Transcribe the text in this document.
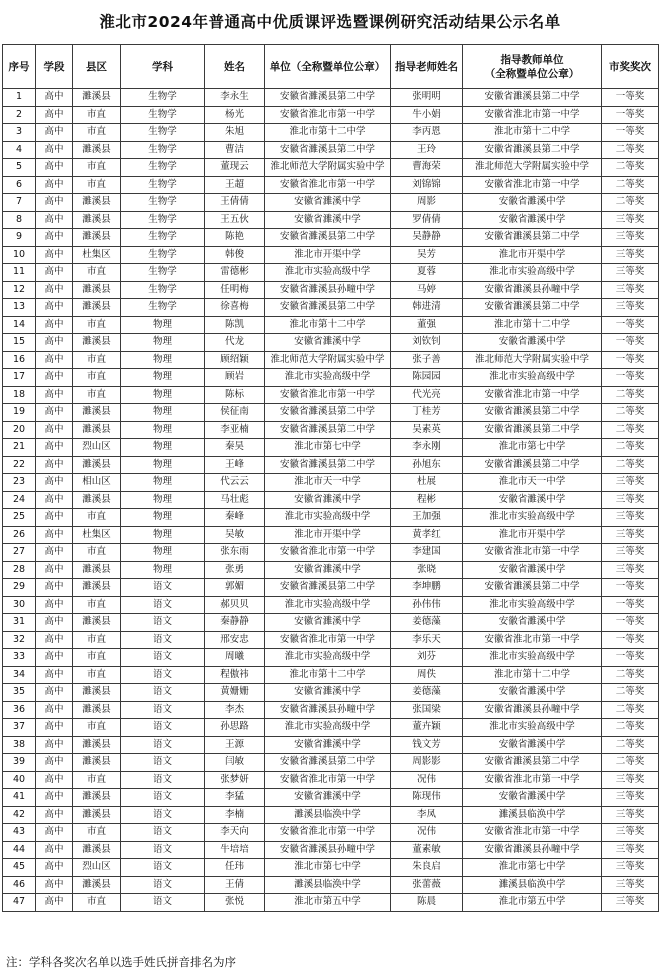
淮北市2024年普通高中优质课评选暨课例研究活动结果公示名单
序号	学段	县区	学科	姓名	单位（全称暨单位公章）	指导老师姓名	指导教师单位
（全称暨单位公章）	市奖奖次
1	高中	濉溪县	生物学	李永生	安徽省濉溪县第二中学	张明明	安徽省濉溪县第二中学	一等奖
2	高中	市直	生物学	杨光	安徽省淮北市第一中学	牛小娟	安徽省淮北市第一中学	一等奖
3	高中	市直	生物学	朱旭	淮北市第十二中学	李丙恩	淮北市第十二中学	一等奖
4	高中	濉溪县	生物学	曹洁	安徽省濉溪县第二中学	王玲	安徽省濉溪县第二中学	二等奖
5	高中	市直	生物学	董现云	淮北师范大学附属实验中学	曹海荣	淮北师范大学附属实验中学	二等奖
6	高中	市直	生物学	王超	安徽省淮北市第一中学	刘锦锦	安徽省淮北市第一中学	二等奖
7	高中	濉溪县	生物学	王倩倩	安徽省濉溪中学	周影	安徽省濉溪中学	二等奖
8	高中	濉溪县	生物学	王五伙	安徽省濉溪中学	罗倩倩	安徽省濉溪中学	三等奖
9	高中	濉溪县	生物学	陈艳	安徽省濉溪县第二中学	吴静静	安徽省濉溪县第二中学	三等奖
10	高中	杜集区	生物学	韩俊	淮北市开渠中学	吴芳	淮北市开渠中学	三等奖
11	高中	市直	生物学	雷德彬	淮北市实验高级中学	夏蓉	淮北市实验高级中学	三等奖
12	高中	濉溪县	生物学	任明梅	安徽省濉溪县孙疃中学	马婷	安徽省濉溪县孙疃中学	三等奖
13	高中	濉溪县	生物学	徐喜梅	安徽省濉溪县第二中学	韩进清	安徽省濉溪县第二中学	三等奖
14	高中	市直	物理	陈凯	淮北市第十二中学	董强	淮北市第十二中学	一等奖
15	高中	濉溪县	物理	代龙	安徽省濉溪中学	刘钦钊	安徽省濉溪中学	一等奖
16	高中	市直	物理	顾绍颖	淮北师范大学附属实验中学	张子善	淮北师范大学附属实验中学	一等奖
17	高中	市直	物理	顾岩	淮北市实验高级中学	陈园园	淮北市实验高级中学	一等奖
18	高中	市直	物理	陈标	安徽省淮北市第一中学	代光亮	安徽省淮北市第一中学	二等奖
19	高中	濉溪县	物理	侯征南	安徽省濉溪县第二中学	丁桂芳	安徽省濉溪县第二中学	二等奖
20	高中	濉溪县	物理	李亚楠	安徽省濉溪县第二中学	吴素英	安徽省濉溪县第二中学	二等奖
21	高中	烈山区	物理	秦昊	淮北市第七中学	李永刚	淮北市第七中学	二等奖
22	高中	濉溪县	物理	王峰	安徽省濉溪县第二中学	孙旭东	安徽省濉溪县第二中学	二等奖
23	高中	相山区	物理	代云云	淮北市天一中学	杜展	淮北市天一中学	三等奖
24	高中	濉溪县	物理	马壮彪	安徽省濉溪中学	程彬	安徽省濉溪中学	三等奖
25	高中	市直	物理	秦峰	淮北市实验高级中学	王加强	淮北市实验高级中学	三等奖
26	高中	杜集区	物理	吴敏	淮北市开渠中学	黄孝红	淮北市开渠中学	三等奖
27	高中	市直	物理	张东雨	安徽省淮北市第一中学	李建国	安徽省淮北市第一中学	三等奖
28	高中	濉溪县	物理	张勇	安徽省濉溪中学	张晓	安徽省濉溪中学	三等奖
29	高中	濉溪县	语文	郭媚	安徽省濉溪县第二中学	李坤鹏	安徽省濉溪县第二中学	一等奖
30	高中	市直	语文	郝贝贝	淮北市实验高级中学	孙伟伟	淮北市实验高级中学	一等奖
31	高中	濉溪县	语文	秦静静	安徽省濉溪中学	姜德藻	安徽省濉溪中学	一等奖
32	高中	市直	语文	邢安忠	安徽省淮北市第一中学	李乐天	安徽省淮北市第一中学	一等奖
33	高中	市直	语文	周曦	淮北市实验高级中学	刘芬	淮北市实验高级中学	一等奖
34	高中	市直	语文	程傲祎	淮北市第十二中学	周佚	淮北市第十二中学	二等奖
35	高中	濉溪县	语文	黄姗姗	安徽省濉溪中学	姜德藻	安徽省濉溪中学	二等奖
36	高中	濉溪县	语文	李杰	安徽省濉溪县孙疃中学	张国梁	安徽省濉溪县孙疃中学	二等奖
37	高中	市直	语文	孙思路	淮北市实验高级中学	董卉颖	淮北市实验高级中学	二等奖
38	高中	濉溪县	语文	王源	安徽省濉溪中学	钱文芳	安徽省濉溪中学	二等奖
39	高中	濉溪县	语文	闫敏	安徽省濉溪县第二中学	周影影	安徽省濉溪县第二中学	二等奖
40	高中	市直	语文	张梦妍	安徽省淮北市第一中学	况伟	安徽省淮北市第一中学	三等奖
41	高中	濉溪县	语文	李猛	安徽省濉溪中学	陈现伟	安徽省濉溪中学	三等奖
42	高中	濉溪县	语文	李楠	濉溪县临涣中学	李凤	濉溪县临涣中学	三等奖
43	高中	市直	语文	李天向	安徽省淮北市第一中学	况伟	安徽省淮北市第一中学	三等奖
44	高中	濉溪县	语文	牛培培	安徽省濉溪县孙疃中学	董素敏	安徽省濉溪县孙疃中学	三等奖
45	高中	烈山区	语文	任玮	淮北市第七中学	朱良启	淮北市第七中学	三等奖
46	高中	濉溪县	语文	王倩	濉溪县临涣中学	张蕾薇	濉溪县临涣中学	三等奖
47	高中	市直	语文	张悦	淮北市第五中学	陈晨	淮北市第五中学	三等奖
注：学科各奖次名单以选手姓氏拼音排名为序
